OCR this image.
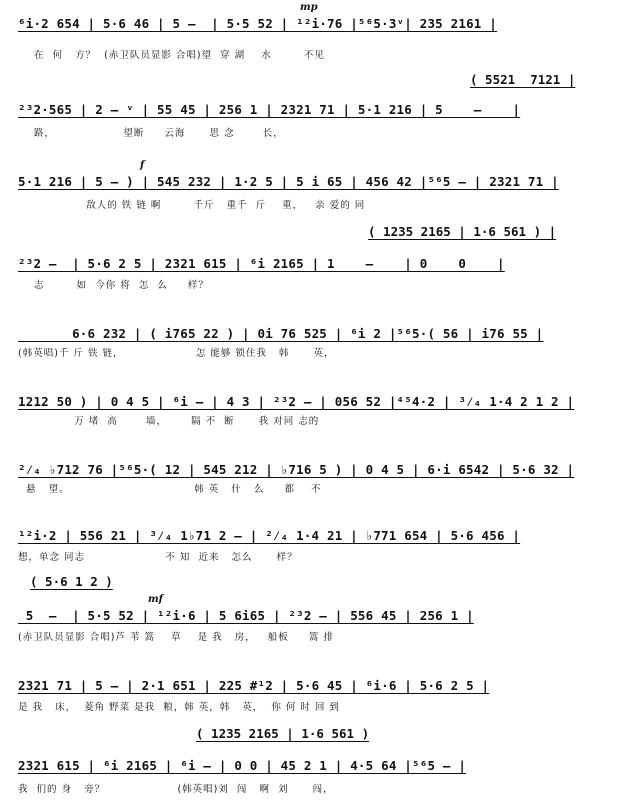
mp
⁶i·2 654 | 5·6 46 | 5 –  | 5·5 52 | ¹²i·76 |⁵⁶5·3ᵛ| 235 2161 |
在  何   方？  (赤卫队员显影 合唱)望  穿 湖    水        不见
( 5521  7121 |
²³2·565 | 2 – ᵛ | 55 45 | 256 1 | 2321 71 | 5·1 216 | 5    –    |
路，                 望断     云海      思 念       长，
f
5·1 216 | 5 – ) | 545 232 | 1·2 5 | 5 i 65 | 456 42 |⁵⁶5 – | 2321 71 |
敌人的 铁 链 啊        千斤   重千  斤    重，   亲 爱的 同
( 1235 2165 | 1·6 561 ) |
²³2 –  | 5·6 2 5 | 2321 615 | ⁶i 2165 | 1    –    | 0    0    |
志        如  今你 将  怎  么     样？
6·6 232 | ( i765 22 ) | 0i 76 525 | ⁶i 2 |⁵⁶5·( 56 | i76 55 |
(韩英唱)千 斤 铁 链，                  怎 能够 锁住我   韩      英，
1212 50 ) | 0 4 5 | ⁶i – | 4 3 | ²³2 – | 056 52 |⁴⁵4·2 | ³⁄₄ 1·4 2 1 2 |
万 堵  高       墙，      隔 不  断      我 对同 志的
²⁄₄ ♭712 76 |⁵⁶5·( 12 | 545 212 | ♭716 5 ) | 0 4 5 | 6·i 6542 | 5·6 32 |
悬   望。                               韩 英   什   么     都    不
¹²i·2 | 556 21 | ³⁄₄ 1♭71 2 – | ²⁄₄ 1·4 21 | ♭771 654 | 5·6 456 |
想，单念 同志                    不 知  近来   怎么      样？
( 5·6 1 2 )
mf
5  –  | 5·5 52 | ¹²i·6 | 5 6i65 | ²³2 – | 556 45 | 256 1 |
(赤卫队员显影 合唱)芦 苇 篙    草    是 我   房，   船板     篙 排
2321 71 | 5 – | 2·1 651 | 225 #¹2 | 5·6 45 | ⁶i·6 | 5·6 2 5 |
是 我   床，  菱角 野菜 是我  粮，韩 英，韩   英，  你 何 时 回 到
( 1235 2165 | 1·6 561 )
2321 615 | ⁶i 2165 | ⁶i – | 0 0 | 45 2 1 | 4·5 64 |⁵⁶5 – |
我  们的 身   旁？                  (韩英唱)刘  闯   啊  刘      闯，
